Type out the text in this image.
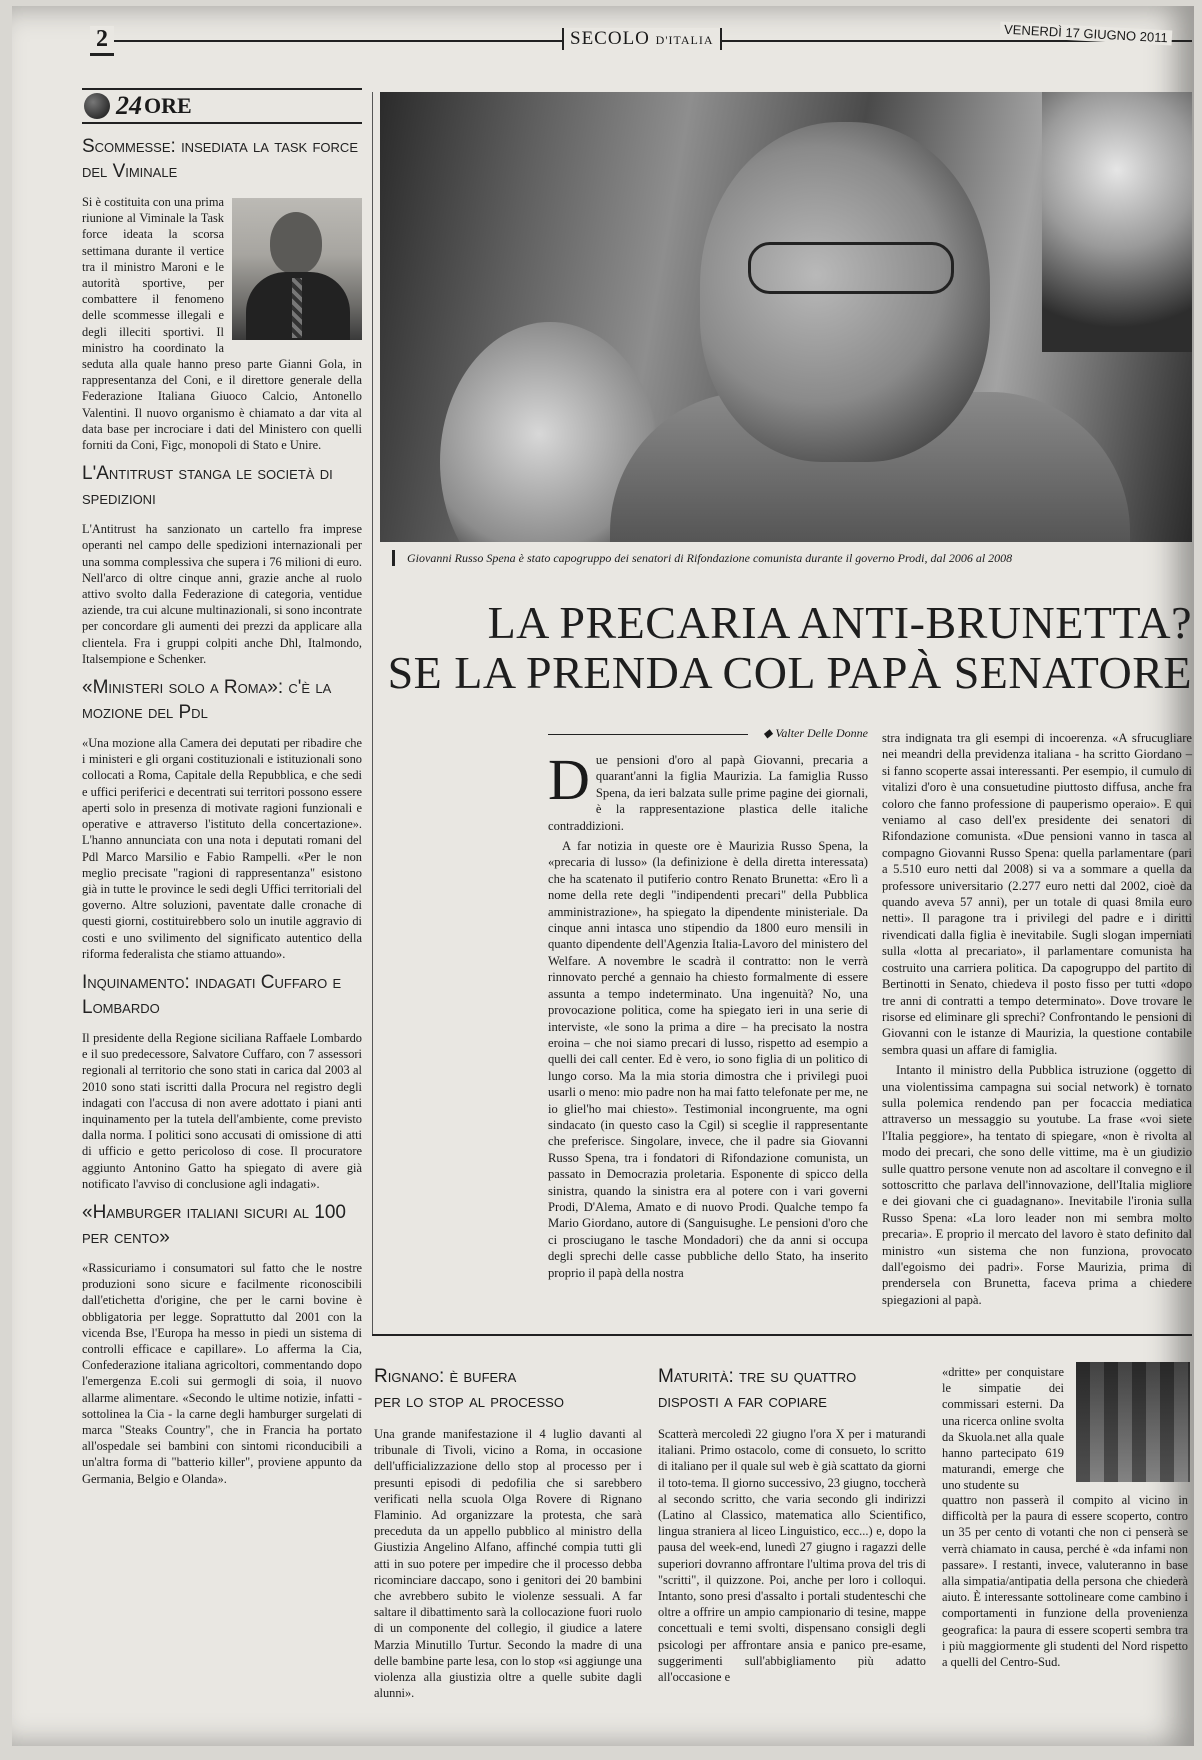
2	SECOLO D'ITALIA	VENERDÌ 17 GIUGNO 2011
24 ORE
Scommesse: insediata la task force del Viminale
Si è costituita con una prima riunione al Viminale la Task force ideata la scorsa settimana durante il vertice tra il ministro Maroni e le autorità sportive, per combattere il fenomeno delle scommesse illegali e degli illeciti sportivi. Il ministro ha coordinato la seduta alla quale hanno preso parte Gianni Gola, in rappresentanza del Coni, e il direttore generale della Federazione Italiana Giuoco Calcio, Antonello Valentini. Il nuovo organismo è chiamato a dar vita al data base per incrociare i dati del Ministero con quelli forniti da Coni, Figc, monopoli di Stato e Unire.
L'Antitrust stanga le società di spedizioni
L'Antitrust ha sanzionato un cartello fra imprese operanti nel campo delle spedizioni internazionali per una somma complessiva che supera i 76 milioni di euro. Nell'arco di oltre cinque anni, grazie anche al ruolo attivo svolto dalla Federazione di categoria, ventidue aziende, tra cui alcune multinazionali, si sono incontrate per concordare gli aumenti dei prezzi da applicare alla clientela. Fra i gruppi colpiti anche Dhl, Italmondo, Italsempione e Schenker.
«Ministeri solo a Roma»: c'è la mozione del Pdl
«Una mozione alla Camera dei deputati per ribadire che i ministeri e gli organi costituzionali e istituzionali sono collocati a Roma, Capitale della Repubblica, e che sedi e uffici periferici e decentrati sui territori possono essere aperti solo in presenza di motivate ragioni funzionali e operative e attraverso l'istituto della concertazione». L'hanno annunciata con una nota i deputati romani del Pdl Marco Marsilio e Fabio Rampelli. «Per le non meglio precisate "ragioni di rappresentanza" esistono già in tutte le province le sedi degli Uffici territoriali del governo. Altre soluzioni, paventate dalle cronache di questi giorni, costituirebbero solo un inutile aggravio di costi e uno svilimento del significato autentico della riforma federalista che stiamo attuando».
Inquinamento: indagati Cuffaro e Lombardo
Il presidente della Regione siciliana Raffaele Lombardo e il suo predecessore, Salvatore Cuffaro, con 7 assessori regionali al territorio che sono stati in carica dal 2003 al 2010 sono stati iscritti dalla Procura nel registro degli indagati con l'accusa di non avere adottato i piani anti inquinamento per la tutela dell'ambiente, come previsto dalla norma. I politici sono accusati di omissione di atti di ufficio e getto pericoloso di cose. Il procuratore aggiunto Antonino Gatto ha spiegato di avere già notificato l'avviso di conclusione agli indagati».
«Hamburger italiani sicuri al 100 per cento»
«Rassicuriamo i consumatori sul fatto che le nostre produzioni sono sicure e facilmente riconoscibili dall'etichetta d'origine, che per le carni bovine è obbligatoria per legge. Soprattutto dal 2001 con la vicenda Bse, l'Europa ha messo in piedi un sistema di controlli efficace e capillare». Lo afferma la Cia, Confederazione italiana agricoltori, commentando dopo l'emergenza E.coli sui germogli di soia, il nuovo allarme alimentare. «Secondo le ultime notizie, infatti - sottolinea la Cia - la carne degli hamburger surgelati di marca "Steaks Country", che in Francia ha portato all'ospedale sei bambini con sintomi riconducibili a un'altra forma di "batterio killer", proviene appunto da Germania, Belgio e Olanda».
Giovanni Russo Spena è stato capogruppo dei senatori di Rifondazione comunista durante il governo Prodi, dal 2006 al 2008
LA PRECARIA ANTI-BRUNETTA?
SE LA PRENDA COL PAPÀ SENATORE
◆ Valter Delle Donne

D ue pensioni d'oro al papà Giovanni, precaria a quarant'anni la figlia Maurizia. La famiglia Russo Spena, da ieri balzata sulle prime pagine dei giornali, è la rappresentazione plastica delle italiche contraddizioni.

A far notizia in queste ore è Maurizia Russo Spena, la «precaria di lusso» (la definizione è della diretta interessata) che ha scatenato il putiferio contro Renato Brunetta: «Ero lì a nome della rete degli "indipendenti precari" della Pubblica amministrazione», ha spiegato la dipendente ministeriale. Da cinque anni intasca uno stipendio da 1800 euro mensili in quanto dipendente dell'Agenzia Italia-Lavoro del ministero del Welfare. A novembre le scadrà il contratto: non le verrà rinnovato perché a gennaio ha chiesto formalmente di essere assunta a tempo indeterminato. Una ingenuità? No, una provocazione politica, come ha spiegato ieri in una serie di interviste, «le sono la prima a dire – ha precisato la nostra eroina – che noi siamo precari di lusso, rispetto ad esempio a quelli dei call center. Ed è vero, io sono figlia di un politico di lungo corso. Ma la mia storia dimostra che i privilegi puoi usarli o meno: mio padre non ha mai fatto telefonate per me, ne io gliel'ho mai chiesto». Testimonial incongruente, ma ogni sindacato (in questo caso la Cgil) si sceglie il rappresentante che preferisce. Singolare, invece, che il padre sia Giovanni Russo Spena, tra i fondatori di Rifondazione comunista, un passato in Democrazia proletaria. Esponente di spicco della sinistra, quando la sinistra era al potere con i vari governi Prodi, D'Alema, Amato e di nuovo Prodi. Qualche tempo fa Mario Giordano, autore di (Sanguisughe. Le pensioni d'oro che ci prosciugano le tasche Mondadori) che da anni si occupa degli sprechi delle casse pubbliche dello Stato, ha inserito proprio il papà della nostra

stra indignata tra gli esempi di incoerenza. «A sfrucugliare nei meandri della previdenza italiana - ha scritto Giordano – si fanno scoperte assai interessanti. Per esempio, il cumulo di vitalizi d'oro è una consuetudine piuttosto diffusa, anche fra coloro che fanno professione di pauperismo operaio». E qui veniamo al caso dell'ex presidente dei senatori di Rifondazione comunista. «Due pensioni vanno in tasca al compagno Giovanni Russo Spena: quella parlamentare (pari a 5.510 euro netti dal 2008) si va a sommare a quella da professore universitario (2.277 euro netti dal 2002, cioè da quando aveva 57 anni), per un totale di quasi 8mila euro netti». Il paragone tra i privilegi del padre e i diritti rivendicati dalla figlia è inevitabile. Sugli slogan imperniati sulla «lotta al precariato», il parlamentare comunista ha costruito una carriera politica. Da capogruppo del partito di Bertinotti in Senato, chiedeva il posto fisso per tutti «dopo tre anni di contratti a tempo determinato». Dove trovare le risorse ed eliminare gli sprechi? Confrontando le pensioni di Giovanni con le istanze di Maurizia, la questione contabile sembra quasi un affare di famiglia.

Intanto il ministro della Pubblica istruzione (oggetto di una violentissima campagna sui social network) è tornato sulla polemica rendendo pan per focaccia mediatica attraverso un messaggio su youtube. La frase «voi siete l'Italia peggiore», ha tentato di spiegare, «non è rivolta al modo dei precari, che sono delle vittime, ma è un giudizio sulle quattro persone venute non ad ascoltare il convegno e il sottoscritto che parlava dell'innovazione, dell'Italia migliore e dei giovani che ci guadagnano». Inevitabile l'ironia sulla Russo Spena: «La loro leader non mi sembra molto precaria». E proprio il mercato del lavoro è stato definito dal ministro «un sistema che non funziona, provocato dall'egoismo dei padri». Forse Maurizia, prima di prendersela con Brunetta, faceva prima a chiedere spiegazioni al papà.

Rignano: è bufera
per lo stop al processo
Una grande manifestazione il 4 luglio davanti al tribunale di Tivoli, vicino a Roma, in occasione dell'ufficializzazione dello stop al processo per i presunti episodi di pedofilia che si sarebbero verificati nella scuola Olga Rovere di Rignano Flaminio. Ad organizzare la protesta, che sarà preceduta da un appello pubblico al ministro della Giustizia Angelino Alfano, affinché compia tutti gli atti in suo potere per impedire che il processo debba ricominciare daccapo, sono i genitori dei 20 bambini che avrebbero subito le violenze sessuali. A far saltare il dibattimento sarà la collocazione fuori ruolo di un componente del collegio, il giudice a latere Marzia Minutillo Turtur. Secondo la madre di una delle bambine parte lesa, con lo stop «si aggiunge una violenza alla giustizia oltre a quelle subite dagli alunni».
Maturità: tre su quattro
disposti a far copiare
Scatterà mercoledì 22 giugno l'ora X per i maturandi italiani. Primo ostacolo, come di consueto, lo scritto di italiano per il quale sul web è già scattato da giorni il toto-tema. Il giorno successivo, 23 giugno, toccherà al secondo scritto, che varia secondo gli indirizzi (Latino al Classico, matematica allo Scientifico, lingua straniera al liceo Linguistico, ecc...) e, dopo la pausa del week-end, lunedì 27 giugno i ragazzi delle superiori dovranno affrontare l'ultima prova del tris di "scritti", il quizzone. Poi, anche per loro i colloqui. Intanto, sono presi d'assalto i portali studenteschi che oltre a offrire un ampio campionario di tesine, mappe concettuali e temi svolti, dispensano consigli degli psicologi per affrontare ansia e panico pre-esame, suggerimenti sull'abbigliamento più adatto all'occasione e
«dritte» per conquistare le simpatie dei commissari esterni. Da una ricerca online svolta da Skuola.net alla quale hanno partecipato 619 maturandi, emerge che uno studente su
quattro non passerà il compito al vicino in difficoltà per la paura di essere scoperto, contro un 35 per cento di votanti che non ci penserà se verrà chiamato in causa, perché è «da infami non passare». I restanti, invece, valuteranno in base alla simpatia/antipatia della persona che chiederà aiuto. È interessante sottolineare come cambino i comportamenti in funzione della provenienza geografica: la paura di essere scoperti sembra tra i più maggiormente gli studenti del Nord rispetto a quelli del Centro-Sud.
